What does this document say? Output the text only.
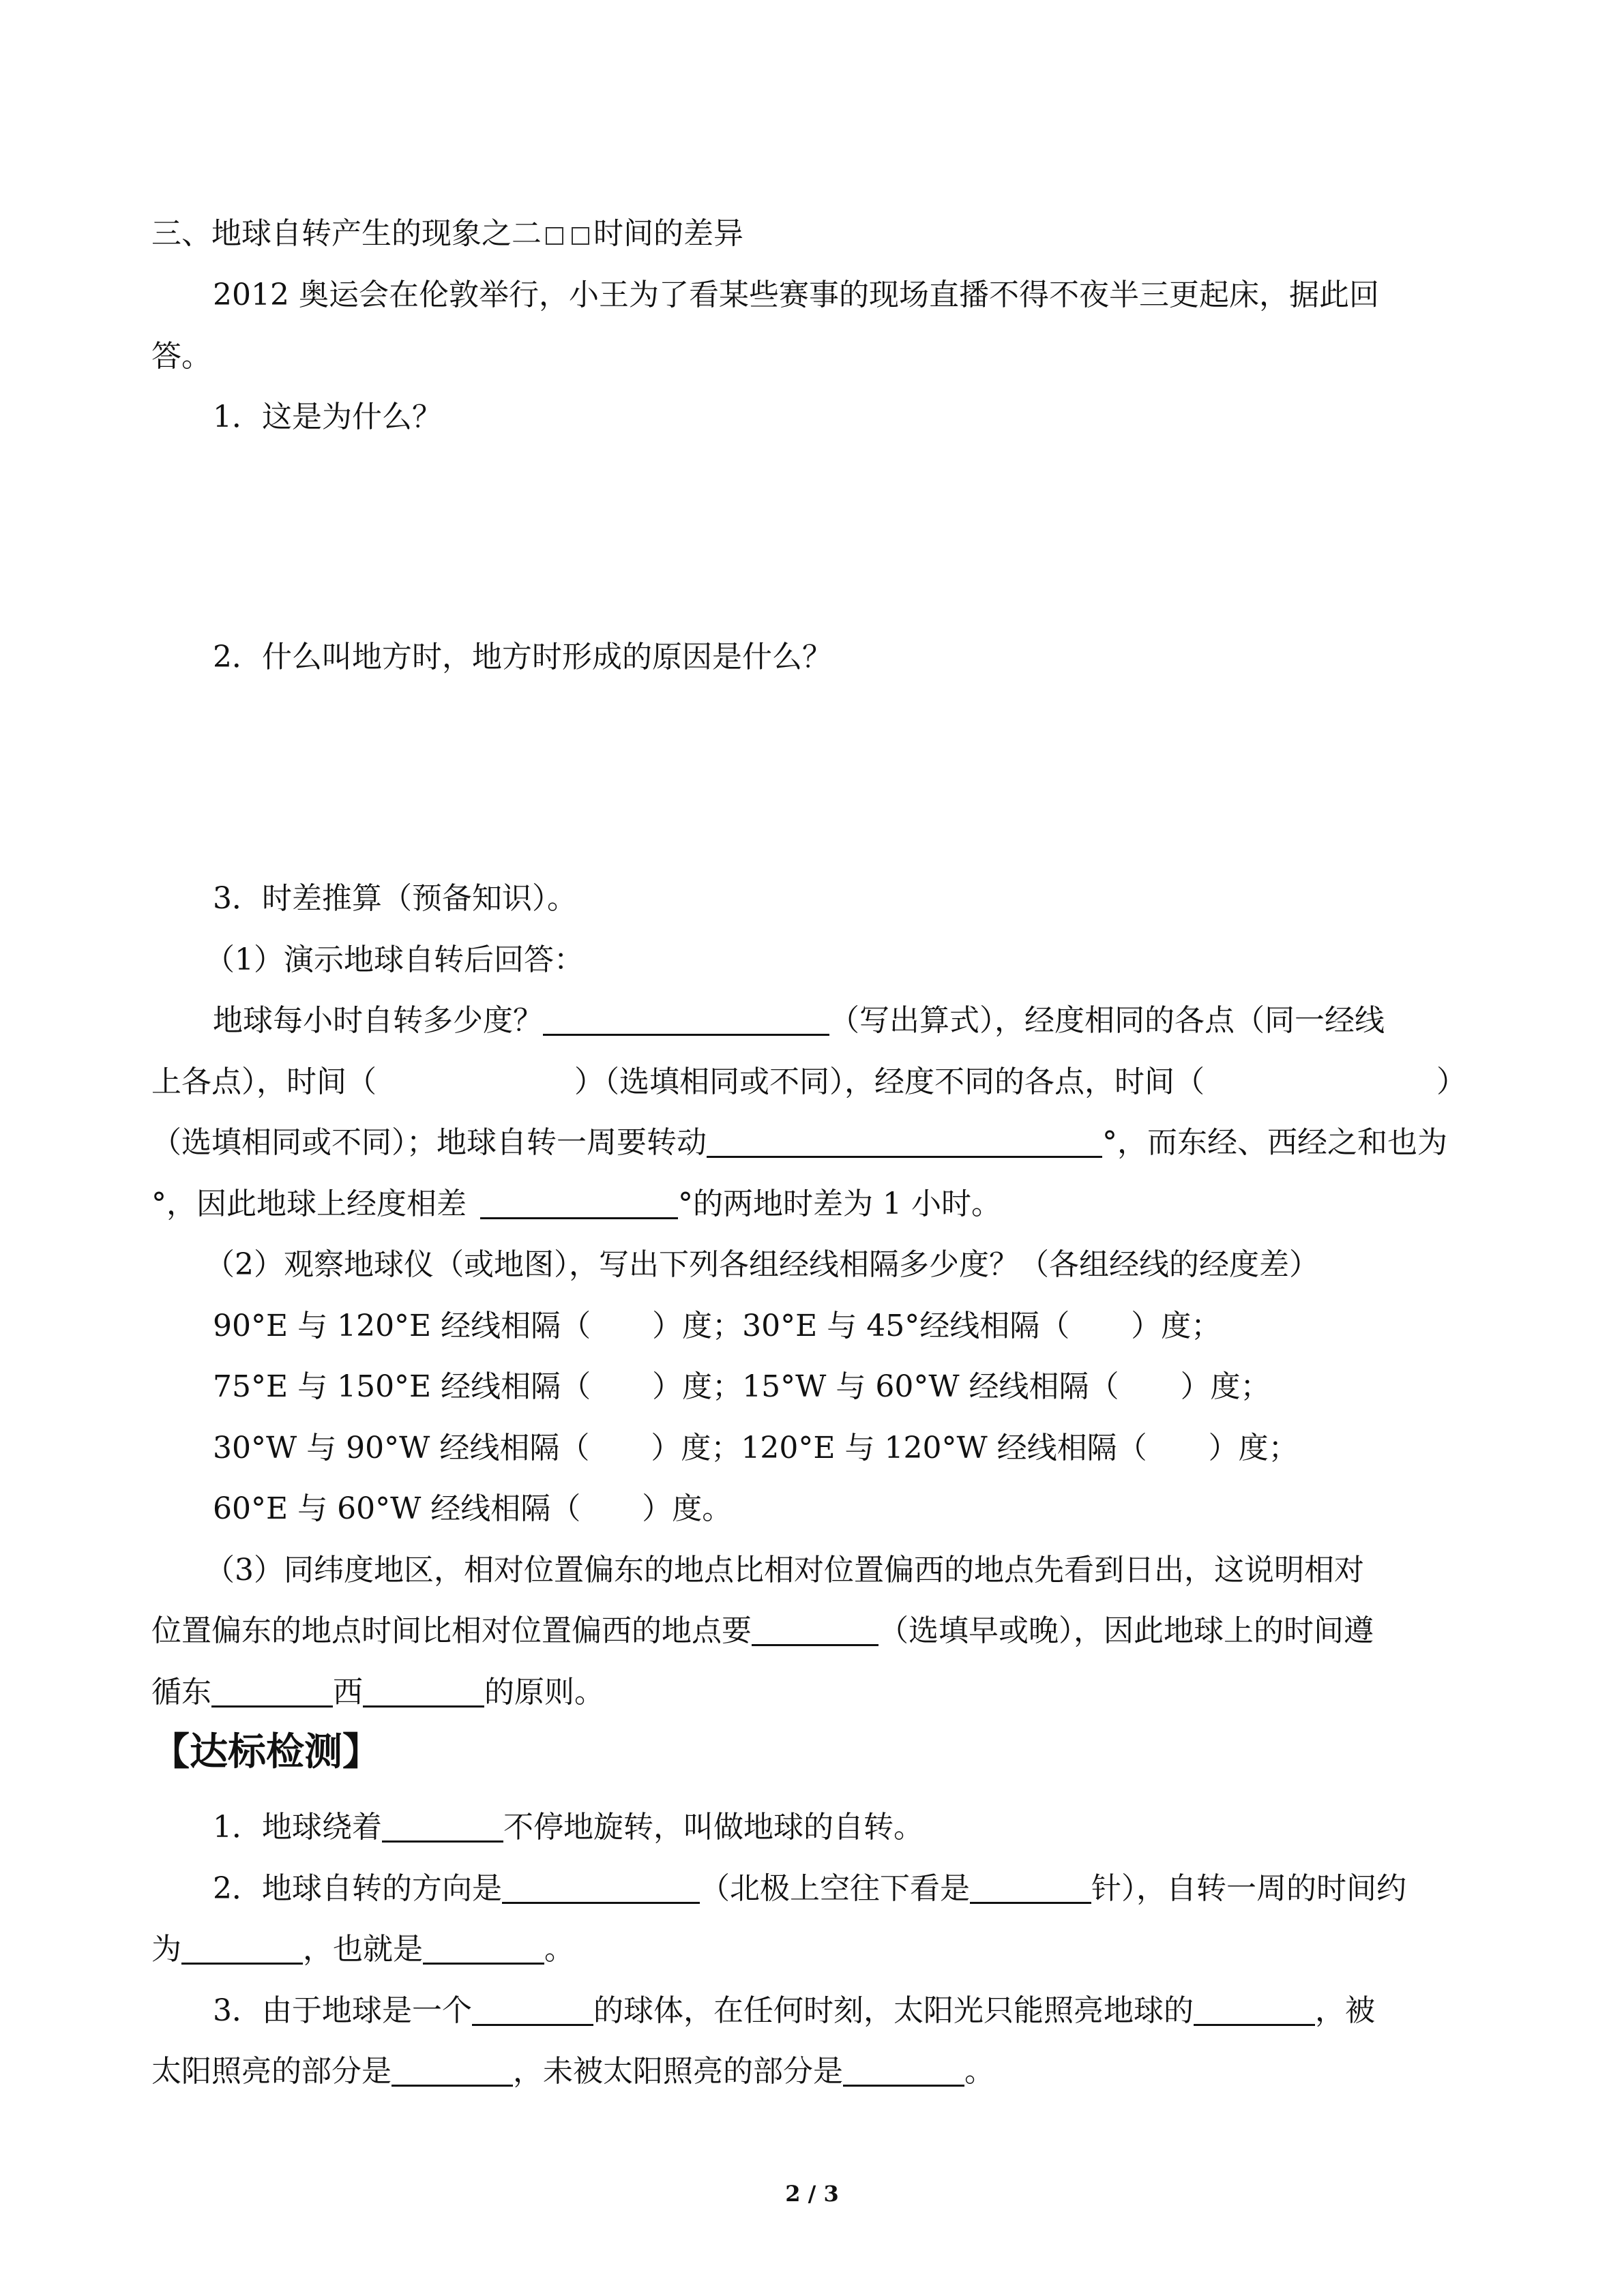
三、地球自转产生的现象之二 时间的差异
2012 奥运会在伦敦举行，小王为了看某些赛事的现场直播不得不夜半三更起床，据此回
答。
1．这是为什么？
2．什么叫地方时，地方时形成的原因是什么？
3．时差推算（预备知识）。
（1）演示地球自转后回答：
地球每小时自转多少度？	（写出算式），经度相同的各点（同一经线
上各点），时间（	）（选填相同或不同），经度不同的各点，时间（	）
（选填相同或不同）；地球自转一周要转动	°，而东经、西经之和也为
°，因此地球上经度相差	°的两地时差为 1 小时。
（2）观察地球仪（或地图），写出下列各组经线相隔多少度？（各组经线的经度差）
90°E 与 120°E 经线相隔（ ）度；30°E 与 45°经线相隔（ ）度；
75°E 与 150°E 经线相隔（ ）度；15°W 与 60°W 经线相隔（ ）度；
30°W 与 90°W 经线相隔（ ）度；120°E 与 120°W 经线相隔（ ）度；
60°E 与 60°W 经线相隔（ ）度。
（3）同纬度地区，相对位置偏东的地点比相对位置偏西的地点先看到日出，这说明相对
位置偏东的地点时间比相对位置偏西的地点要	（选填早或晚），因此地球上的时间遵
循东	西	的原则。
【达标检测】
1．地球绕着	不停地旋转，叫做地球的自转。
2．地球自转的方向是	（北极上空往下看是	针），自转一周的时间约
为	，也就是	。
3．由于地球是一个	的球体，在任何时刻，太阳光只能照亮地球的	，被
太阳照亮的部分是	，未被太阳照亮的部分是	。
2 / 3
